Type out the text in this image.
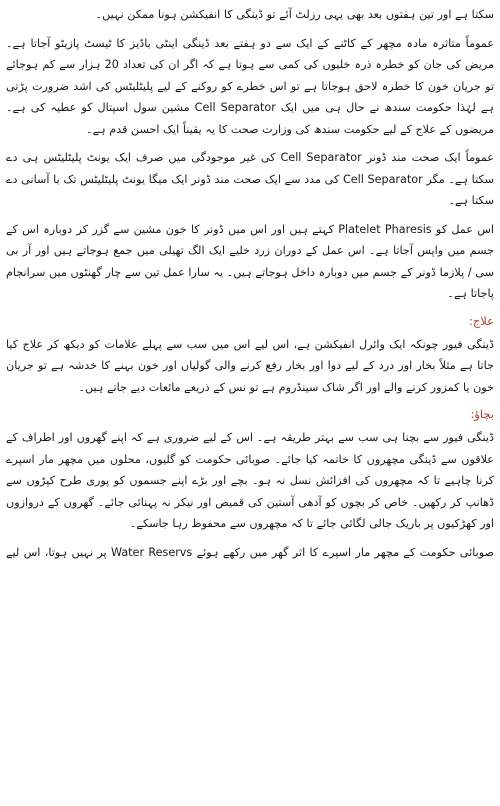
سکتا ہے اور تین ہفتوں بعد بھی یہی رزلٹ آئے تو ڈینگی کا انفیکشن ہونا ممکن نہیں۔

عموماً متاثرہ مادہ مچھر کے کاٹنے کے ایک سے دو ہفتے بعد ڈینگی اینٹی باڈیز کا ٹیسٹ پازیٹو آجاتا ہے۔ مریض کی جان کو خطرہ ذرہ خلیوں کی کمی سے ہوتا ہے کہ اگر ان کی تعداد 20 ہزار سے کم ہوجائے تو جریان خون کا خطرہ لاحق ہوجاتا ہے تو اس خطرے کو روکنے کے لیے پلیٹلیٹس کی اشد ضرورت پڑتی ہے لہٰذا حکومت سندھ نے حال ہی میں ایک Cell Separator مشین سول اسپتال کو عطیہ کی ہے۔ مریضوں کے علاج کے لیے حکومت سندھ کی وزارت صحت کا یہ یقیناً ایک احسن قدم ہے۔

عموماً ایک صحت مند ڈونر Cell Separator کی غیر موجودگی میں صرف ایک یونٹ پلیٹلیٹس ہی دے سکتا ہے۔ مگر Cell Separator کی مدد سے ایک صحت مند ڈونر ایک میگا یونٹ پلیٹلیٹس تک با آسانی دے سکتا ہے۔

اس عمل کو Platelet Pharesis کہتے ہیں اور اس میں ڈونر کا خون مشین سے گزر کر دوبارہ اس کے جسم میں واپس آجاتا ہے۔ اس عمل کے دوران زرد خلیے ایک الگ تھیلی میں جمع ہوجاتے ہیں اور آر بی سی / پلازما ڈونر کے جسم میں دوبارہ داخل ہوجاتے ہیں۔ یہ سارا عمل تین سے چار گھنٹوں میں سرانجام پاجاتا ہے۔

علاج:

ڈینگی فیور چونکہ ایک وائرل انفیکشن ہے، اس لیے اس میں سب سے پہلے علامات کو دیکھ کر علاج کیا جاتا ہے مثلاً بخار اور درد کے لیے دوا اور بخار رفع کرنے والی گولیاں اور خون بہنے کا خدشہ ہے تو جریان خون یا کمزور کرنے والے اور اگر شاک سینڈروم ہے تو نس کے ذریعے مائعات دیے جاتے ہیں۔

بچاؤ:

ڈینگی فیور سے بچنا ہی سب سے بہتر طریقہ ہے۔ اس کے لیے ضروری ہے کہ اپنے گھروں اور اطراف کے علاقوں سے ڈینگی مچھروں کا خاتمہ کیا جائے۔ صوبائی حکومت کو گلیوں، محلوں میں مچھر مار اسپرے کرنا چاہیے تا کہ مچھروں کی افزائش نسل نہ ہو۔ بچے اور بڑے اپنے جسموں کو پوری طرح کپڑوں سے ڈھانپ کر رکھیں۔ خاص کر بچوں کو آدھی آستین کی قمیص اور نیکر نہ پہنائی جائے۔ گھروں کے دروازوں اور کھڑکیوں پر باریک جالی لگائی جائے تا کہ مچھروں سے محفوظ رہا جاسکے۔

صوبائی حکومت کے مچھر مار اسپرے کا اثر گھر میں رکھے ہوئے Water Reservs پر نہیں ہوتا، اس لیے
